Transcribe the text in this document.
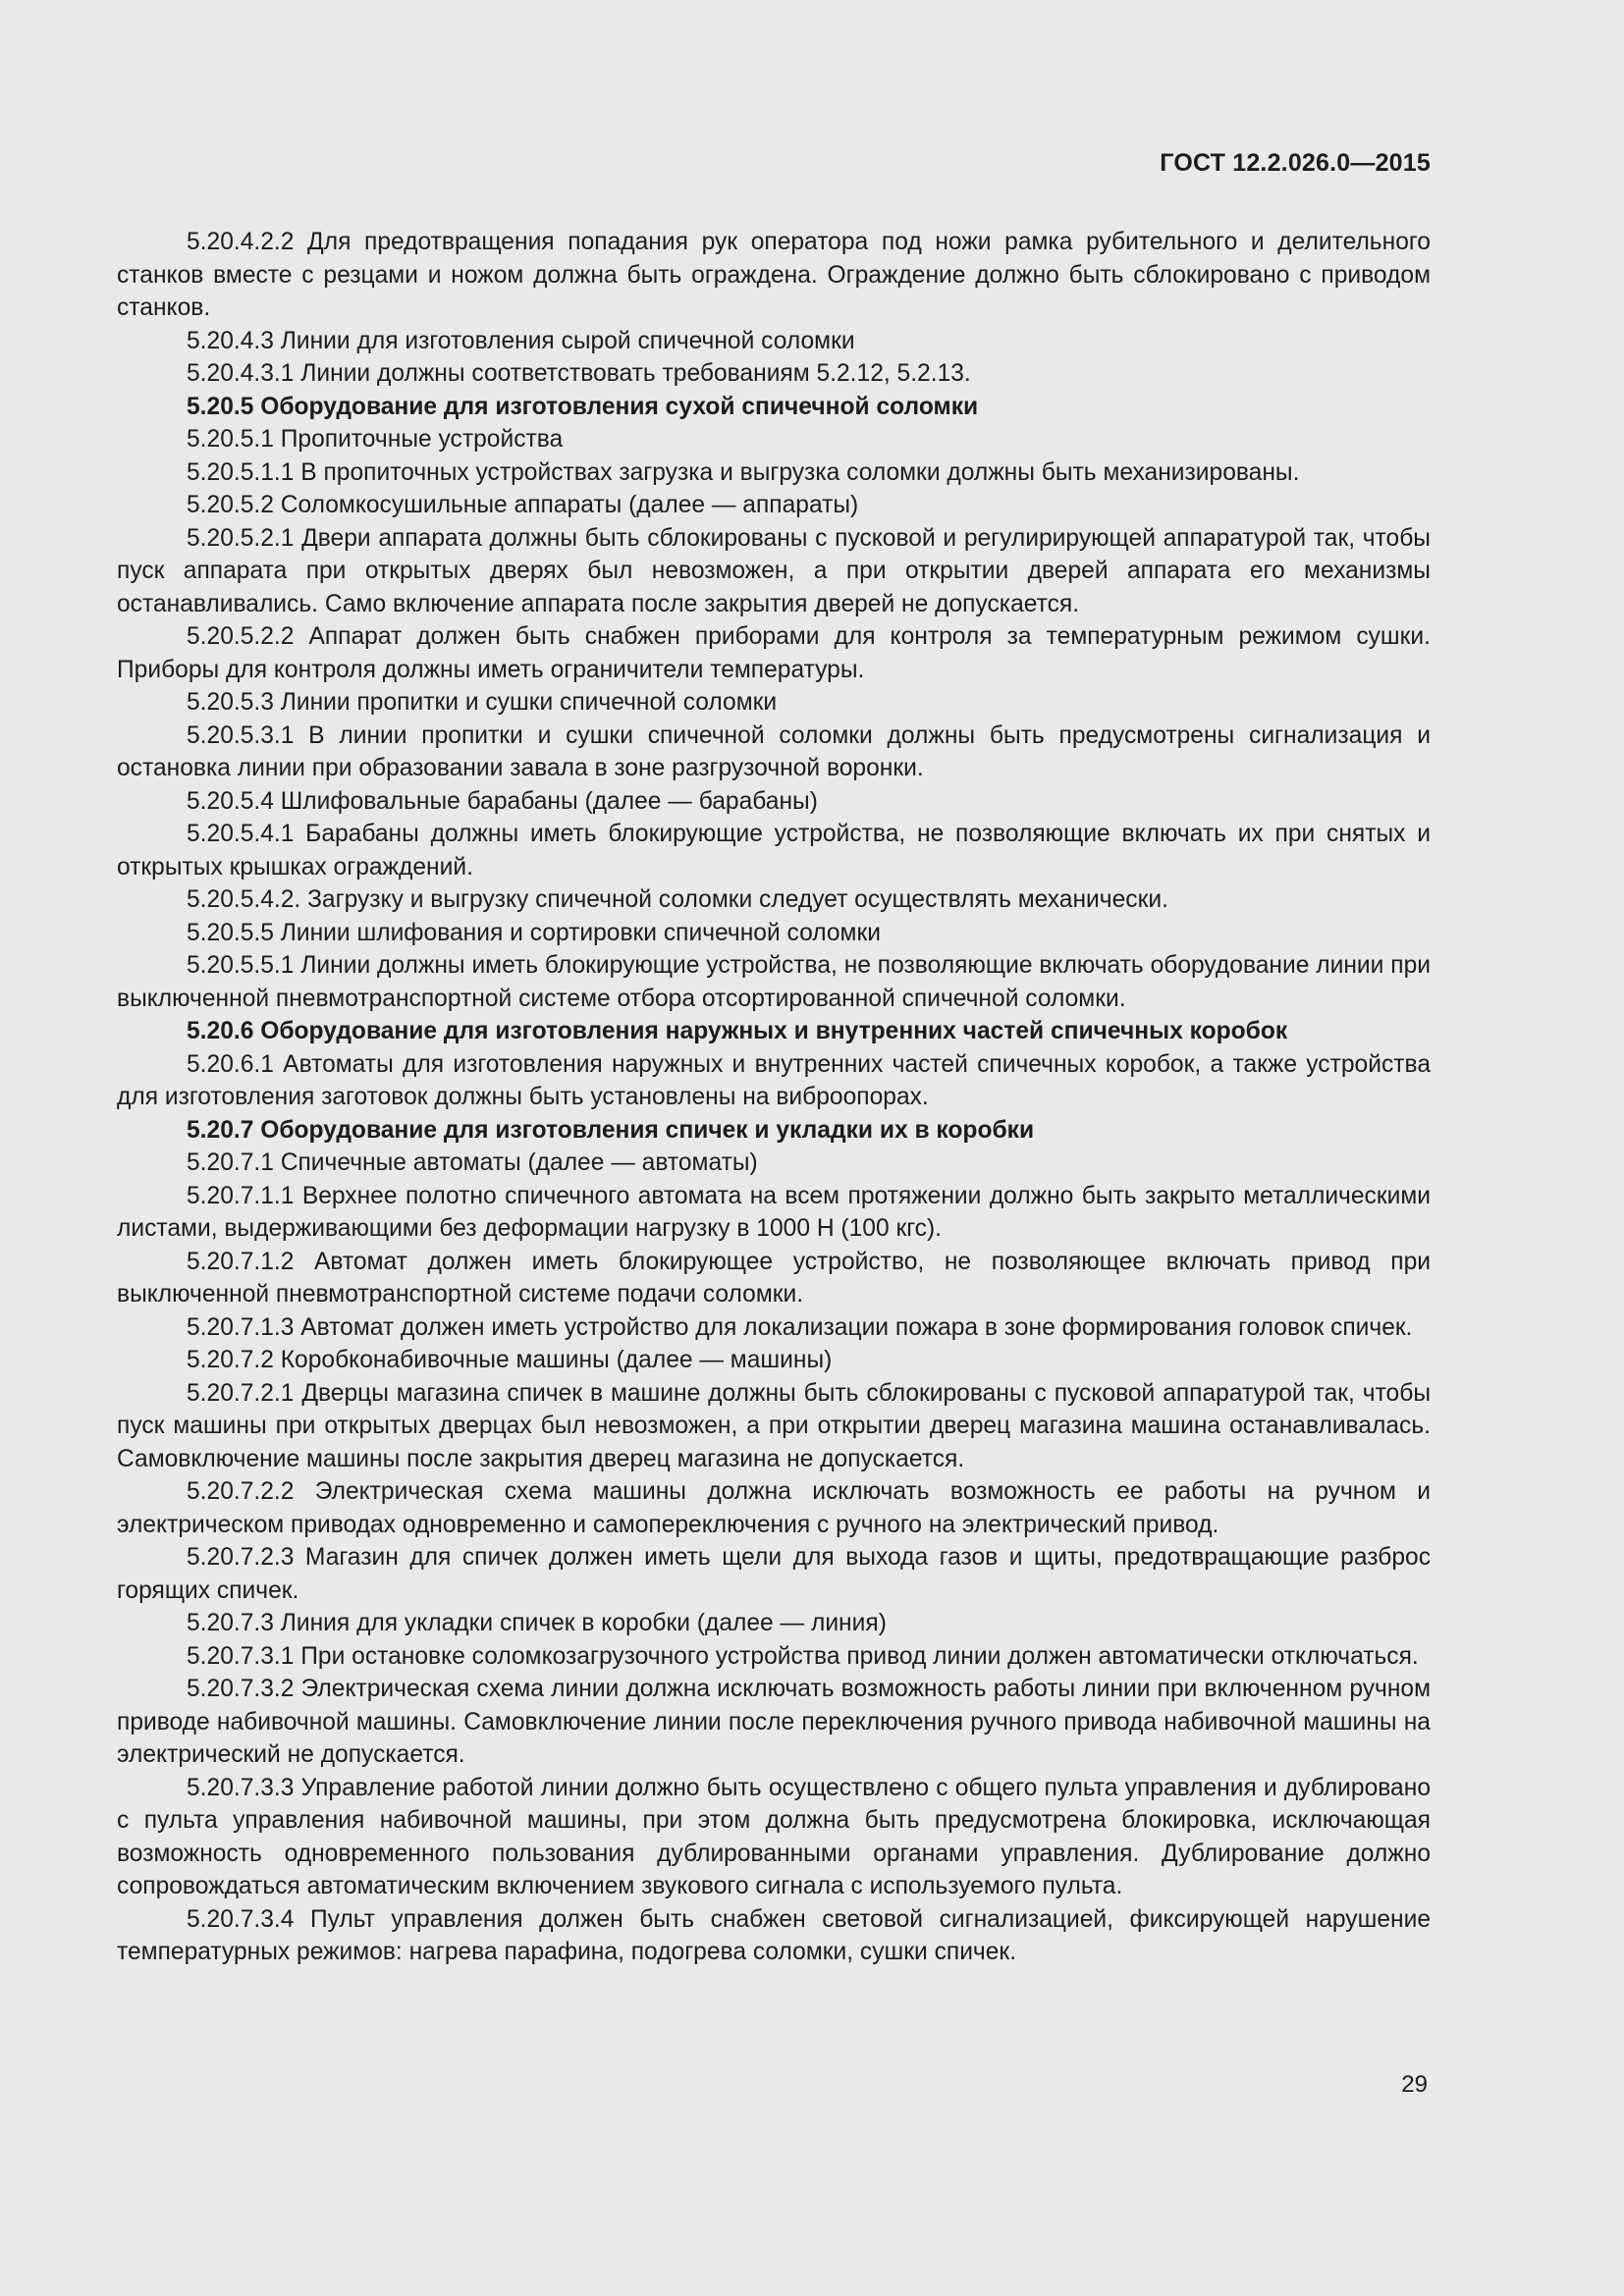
ГОСТ 12.2.026.0—2015

5.20.4.2.2 Для предотвращения попадания рук оператора под ножи рамка рубительного и делительного станков вместе с резцами и ножом должна быть ограждена. Ограждение должно быть сблокировано с приводом станков.

5.20.4.3 Линии для изготовления сырой спичечной соломки

5.20.4.3.1 Линии должны соответствовать требованиям 5.2.12, 5.2.13.

5.20.5 Оборудование для изготовления сухой спичечной соломки

5.20.5.1 Пропиточные устройства

5.20.5.1.1 В пропиточных устройствах загрузка и выгрузка соломки должны быть механизированы.

5.20.5.2 Соломкосушильные аппараты (далее — аппараты)

5.20.5.2.1 Двери аппарата должны быть сблокированы с пусковой и регулирирующей аппаратурой так, чтобы пуск аппарата при открытых дверях был невозможен, а при открытии дверей аппарата его механизмы останавливались. Само включение аппарата после закрытия дверей не допускается.

5.20.5.2.2 Аппарат должен быть снабжен приборами для контроля за температурным режимом сушки. Приборы для контроля должны иметь ограничители температуры.

5.20.5.3 Линии пропитки и сушки спичечной соломки

5.20.5.3.1 В линии пропитки и сушки спичечной соломки должны быть предусмотрены сигнализация и остановка линии при образовании завала в зоне разгрузочной воронки.

5.20.5.4 Шлифовальные барабаны (далее — барабаны)

5.20.5.4.1 Барабаны должны иметь блокирующие устройства, не позволяющие включать их при снятых и открытых крышках ограждений.

5.20.5.4.2. Загрузку и выгрузку спичечной соломки следует осуществлять механически.

5.20.5.5 Линии шлифования и сортировки спичечной соломки

5.20.5.5.1 Линии должны иметь блокирующие устройства, не позволяющие включать оборудование линии при выключенной пневмотранспортной системе отбора отсортированной спичечной соломки.

5.20.6 Оборудование для изготовления наружных и внутренних частей спичечных коробок

5.20.6.1 Автоматы для изготовления наружных и внутренних частей спичечных коробок, а также устройства для изготовления заготовок должны быть установлены на виброопорах.

5.20.7 Оборудование для изготовления спичек и укладки их в коробки

5.20.7.1 Спичечные автоматы (далее — автоматы)

5.20.7.1.1 Верхнее полотно спичечного автомата на всем протяжении должно быть закрыто металлическими листами, выдерживающими без деформации нагрузку в 1000 Н (100 кгс).

5.20.7.1.2 Автомат должен иметь блокирующее устройство, не позволяющее включать привод при выключенной пневмотранспортной системе подачи соломки.

5.20.7.1.3 Автомат должен иметь устройство для локализации пожара в зоне формирования головок спичек.

5.20.7.2 Коробконабивочные машины (далее — машины)

5.20.7.2.1 Дверцы магазина спичек в машине должны быть сблокированы с пусковой аппаратурой так, чтобы пуск машины при открытых дверцах был невозможен, а при открытии дверец магазина машина останавливалась. Самовключение машины после закрытия дверец магазина не допускается.

5.20.7.2.2 Электрическая схема машины должна исключать возможность ее работы на ручном и электрическом приводах одновременно и самопереключения с ручного на электрический привод.

5.20.7.2.3 Магазин для спичек должен иметь щели для выхода газов и щиты, предотвращающие разброс горящих спичек.

5.20.7.3 Линия для укладки спичек в коробки (далее — линия)

5.20.7.3.1 При остановке соломкозагрузочного устройства привод линии должен автоматически отключаться.

5.20.7.3.2 Электрическая схема линии должна исключать возможность работы линии при включенном ручном приводе набивочной машины. Самовключение линии после переключения ручного привода набивочной машины на электрический не допускается.

5.20.7.3.3 Управление работой линии должно быть осуществлено с общего пульта управления и дублировано с пульта управления набивочной машины, при этом должна быть предусмотрена блокировка, исключающая возможность одновременного пользования дублированными органами управления. Дублирование должно сопровождаться автоматическим включением звукового сигнала с используемого пульта.

5.20.7.3.4 Пульт управления должен быть снабжен световой сигнализацией, фиксирующей нарушение температурных режимов: нагрева парафина, подогрева соломки, сушки спичек.

29
